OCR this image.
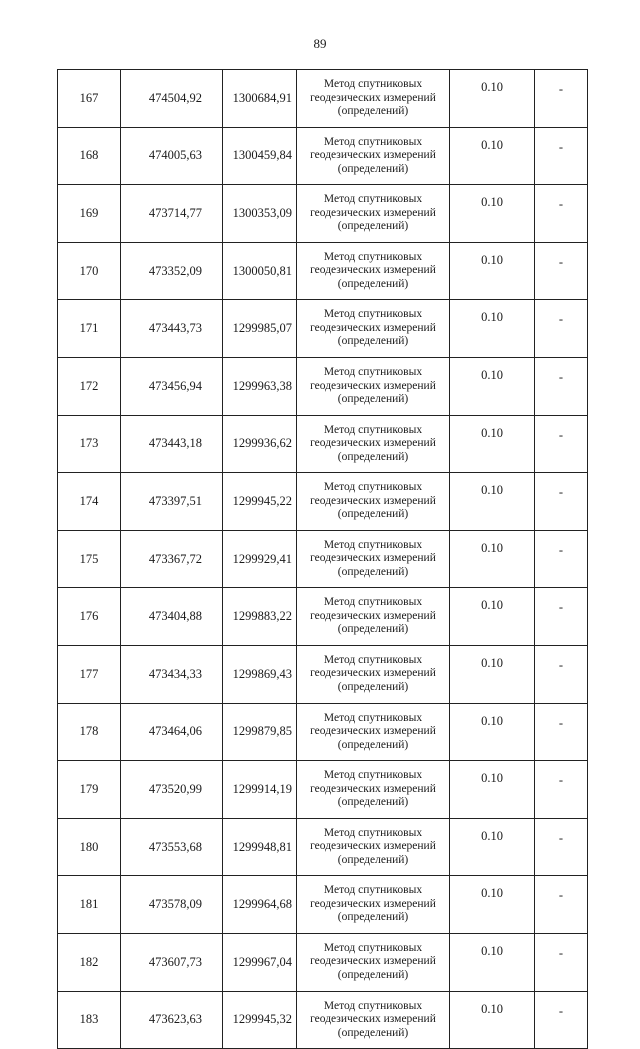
89
167	474504,92	1300684,91	Метод спутниковых
геодезических измерений
(определений)	0.10	-
168	474005,63	1300459,84	Метод спутниковых
геодезических измерений
(определений)	0.10	-
169	473714,77	1300353,09	Метод спутниковых
геодезических измерений
(определений)	0.10	-
170	473352,09	1300050,81	Метод спутниковых
геодезических измерений
(определений)	0.10	-
171	473443,73	1299985,07	Метод спутниковых
геодезических измерений
(определений)	0.10	-
172	473456,94	1299963,38	Метод спутниковых
геодезических измерений
(определений)	0.10	-
173	473443,18	1299936,62	Метод спутниковых
геодезических измерений
(определений)	0.10	-
174	473397,51	1299945,22	Метод спутниковых
геодезических измерений
(определений)	0.10	-
175	473367,72	1299929,41	Метод спутниковых
геодезических измерений
(определений)	0.10	-
176	473404,88	1299883,22	Метод спутниковых
геодезических измерений
(определений)	0.10	-
177	473434,33	1299869,43	Метод спутниковых
геодезических измерений
(определений)	0.10	-
178	473464,06	1299879,85	Метод спутниковых
геодезических измерений
(определений)	0.10	-
179	473520,99	1299914,19	Метод спутниковых
геодезических измерений
(определений)	0.10	-
180	473553,68	1299948,81	Метод спутниковых
геодезических измерений
(определений)	0.10	-
181	473578,09	1299964,68	Метод спутниковых
геодезических измерений
(определений)	0.10	-
182	473607,73	1299967,04	Метод спутниковых
геодезических измерений
(определений)	0.10	-
183	473623,63	1299945,32	Метод спутниковых
геодезических измерений
(определений)	0.10	-
